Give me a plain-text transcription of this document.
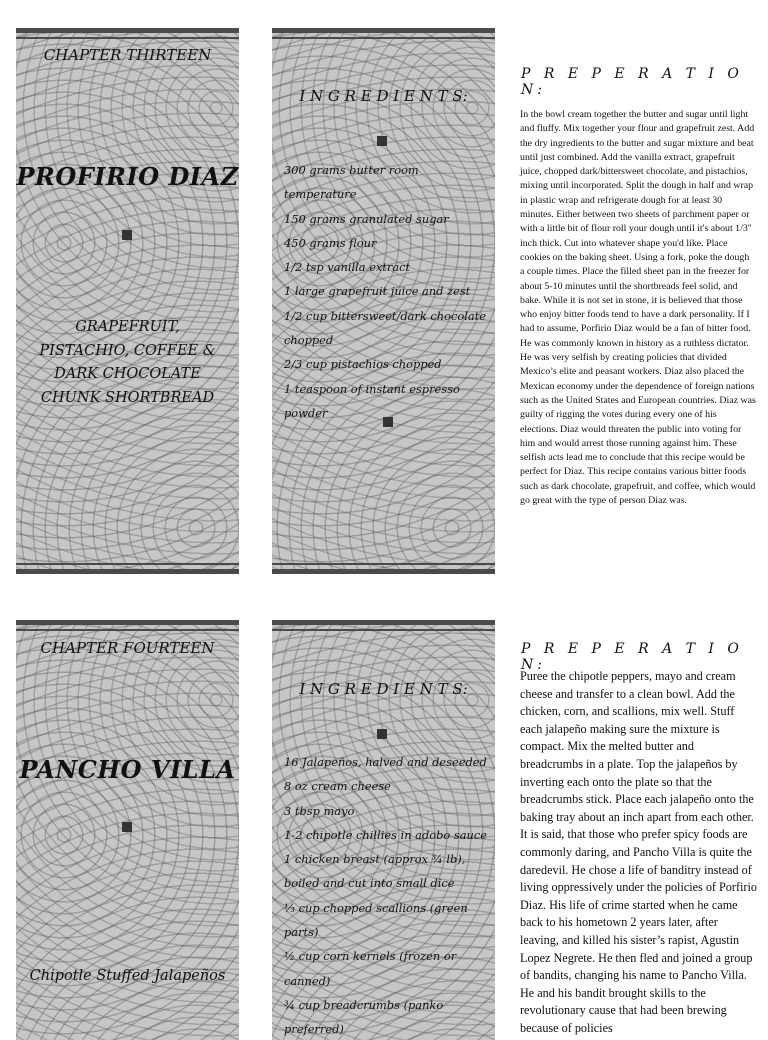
CHAPTER THIRTEEN
PROFIRIO DIAZ
GRAPEFRUIT, PISTACHIO, COFFEE & DARK CHOCOLATE CHUNK SHORTBREAD
I N G R E D I E N T S:
300 grams butter room temperature
150 grams granulated sugar
450 grams flour
1/2 tsp vanilla extract
1 large grapefruit juice and zest
1/2 cup bittersweet/dark chocolate chopped
2/3 cup pistachios chopped
1 teaspoon of instant espresso powder
P R E P E R A T I O N:

In the bowl cream together the butter and sugar until light and fluffy. Mix together your flour and grapefruit zest. Add the dry ingredients to the butter and sugar mixture and beat until just combined. Add the vanilla extract, grapefruit juice, chopped dark/bittersweet chocolate, and pistachios, mixing until incorporated. Split the dough in half and wrap in plastic wrap and refrigerate dough for at least 30 minutes. Either between two sheets of parchment paper or with a little bit of flour roll your dough until it's about 1/3" inch thick. Cut into whatever shape you'd like. Place cookies on the baking sheet. Using a fork, poke the dough a couple times. Place the filled sheet pan in the freezer for about 5-10 minutes until the shortbreads feel solid, and bake. While it is not set in stone, it is believed that those who enjoy bitter foods tend to have a dark personality. If I had to assume, Porfirio Diaz would be a fan of bitter food. He was commonly known in history as a ruthless dictator. He was very selfish by creating policies that divided Mexico’s elite and peasant workers. Diaz also placed the Mexican economy under the dependence of foreign nations such as the United States and European countries. Diaz was guilty of rigging the votes during every one of his elections. Diaz would threaten the public into voting for him and would arrest those running against him. These selfish acts lead me to conclude that this recipe would be perfect for Diaz. This recipe contains various bitter foods such as dark chocolate, grapefruit, and coffee, which would go great with the type of person Diaz was.

CHAPTER FOURTEEN
PANCHO VILLA
Chipotle Stuffed Jalapeños
I N G R E D I E N T S:
16 Jalapeños, halved and deseeded
8 oz cream cheese
3 tbsp mayo
1-2 chipotle chillies in adobo sauce
1 chicken breast (approx ¾ lb), boiled and cut into small dice
⅓ cup chopped scallions (green parts)
½ cup corn kernels (frozen or canned)
¾ cup breadcrumbs (panko preferred)
P R E P E R A T I O N:

Puree the chipotle peppers, mayo and cream cheese and transfer to a clean bowl. Add the chicken, corn, and scallions, mix well. Stuff each jalapeño making sure the mixture is compact. Mix the melted butter and breadcrumbs in a plate. Top the jalapeños by inverting each onto the plate so that the breadcrumbs stick. Place each jalapeño onto the baking tray about an inch apart from each other. It is said, that those who prefer spicy foods are commonly daring, and Pancho Villa is quite the daredevil. He chose a life of banditry instead of living oppressively under the policies of Porfirio Diaz. His life of crime started when he came back to his hometown 2 years later, after leaving, and killed his sister’s rapist, Agustin Lopez Negrete. He then fled and joined a group of bandits, changing his name to Pancho Villa. He and his bandit brought skills to the revolutionary cause that had been brewing because of policies
